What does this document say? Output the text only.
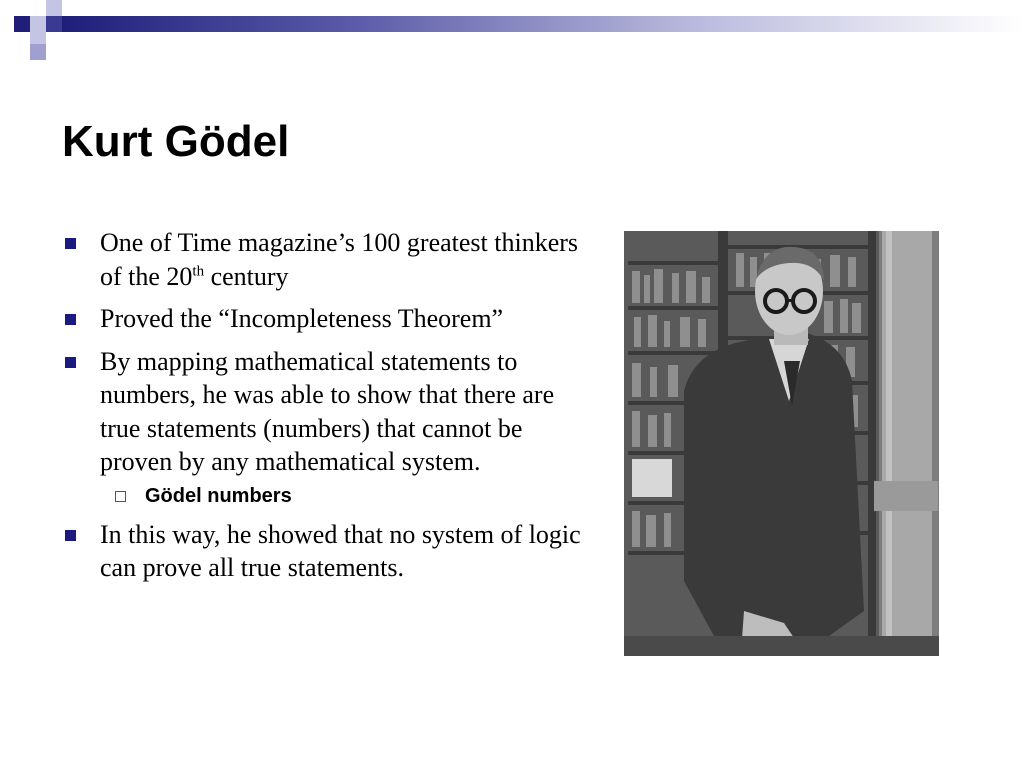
Kurt Gödel
One of Time magazine’s 100 greatest thinkers of the 20th century
Proved the “Incompleteness Theorem”
By mapping mathematical statements to numbers, he was able to show that there are true statements (numbers) that cannot be proven by any mathematical system.
Gödel numbers
In this way, he showed that no system of logic can prove all true statements.
